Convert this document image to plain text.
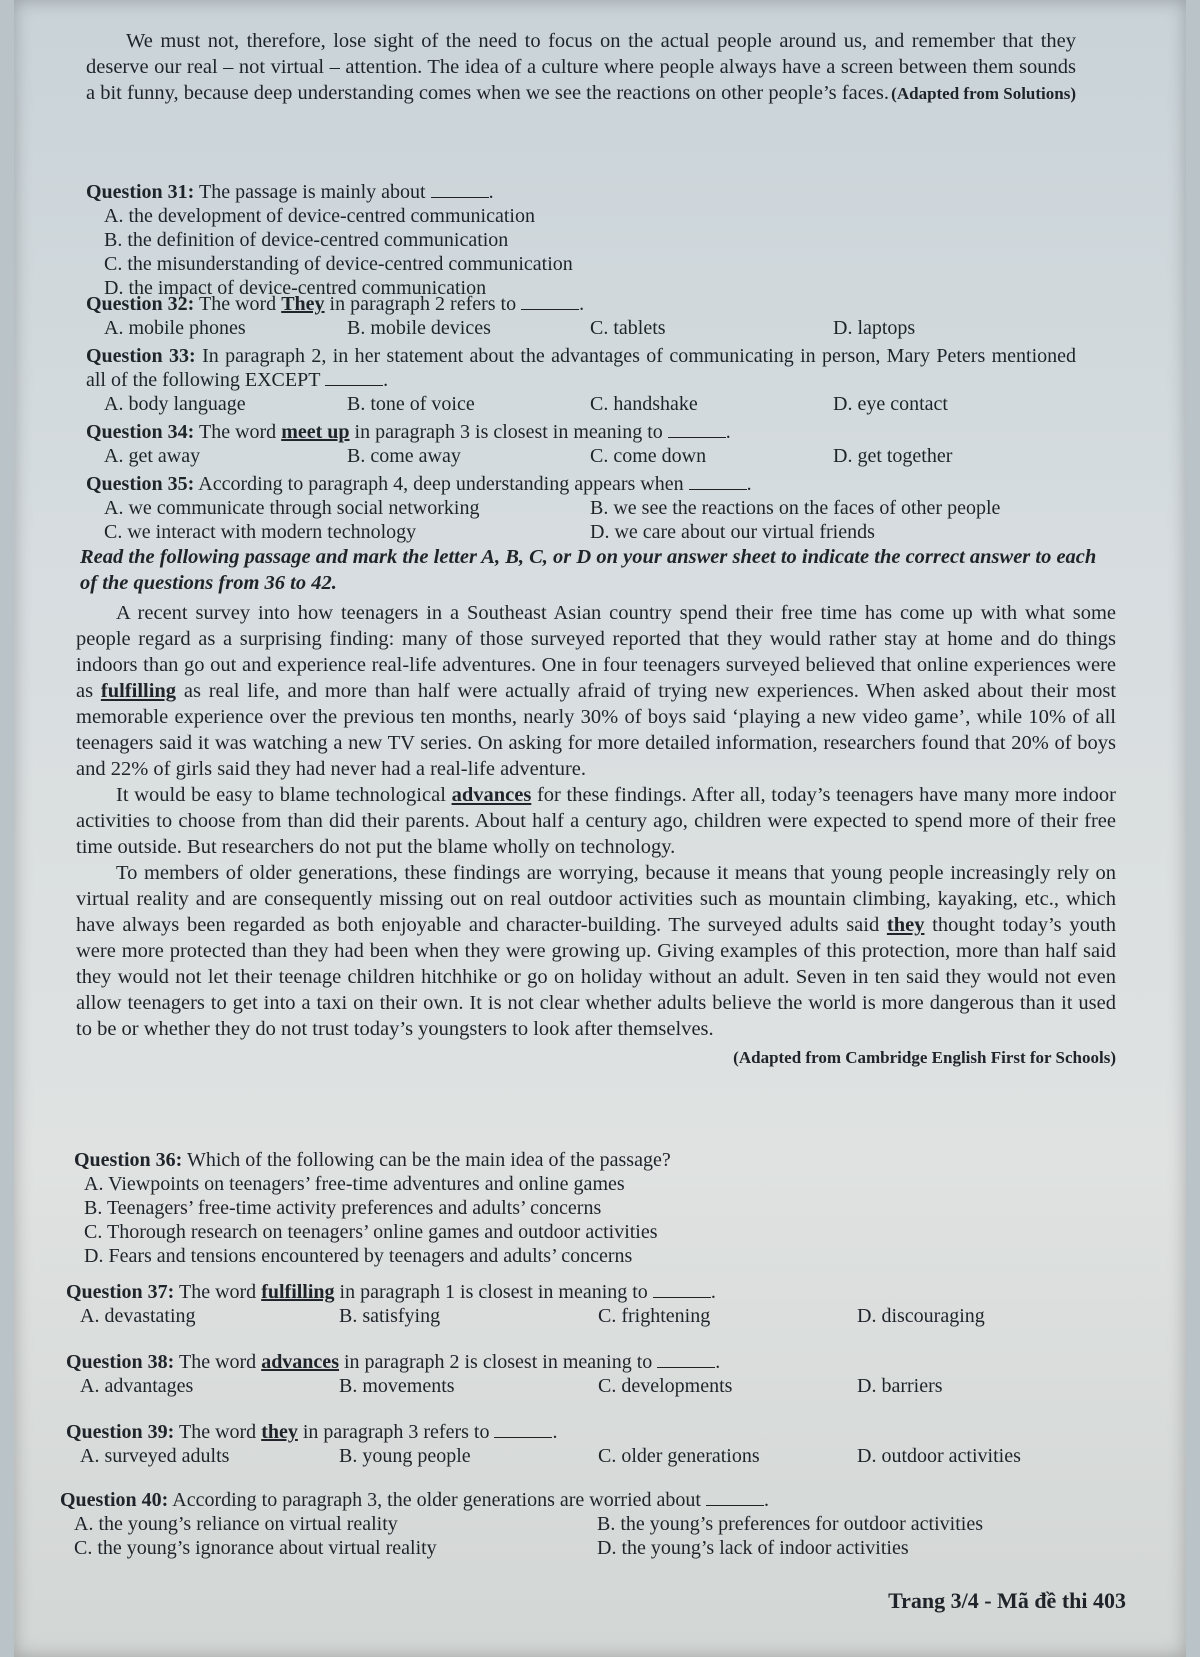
We must not, therefore, lose sight of the need to focus on the actual people around us, and remember that they deserve our real – not virtual – attention. The idea of a culture where people always have a screen between them sounds a bit funny, because deep understanding comes when we see the reactions on other people’s faces. (Adapted from Solutions)

Question 31: The passage is mainly about	.
A. the development of device-centred communication
B. the definition of device-centred communication
C. the misunderstanding of device-centred communication
D. the impact of device-centred communication
Question 32: The word They in paragraph 2 refers to	.
A. mobile phones	B. mobile devices	C. tablets	D. laptops
Question 33: In paragraph 2, in her statement about the advantages of communicating in person, Mary Peters mentioned all of the following EXCEPT	.
A. body language	B. tone of voice	C. handshake	D. eye contact
Question 34: The word meet up in paragraph 3 is closest in meaning to	.
A. get away	B. come away	C. come down	D. get together
Question 35: According to paragraph 4, deep understanding appears when	.
A. we communicate through social networking	B. we see the reactions on the faces of other people
C. we interact with modern technology	D. we care about our virtual friends

Read the following passage and mark the letter A, B, C, or D on your answer sheet to indicate the correct answer to each of the questions from 36 to 42.

A recent survey into how teenagers in a Southeast Asian country spend their free time has come up with what some people regard as a surprising finding: many of those surveyed reported that they would rather stay at home and do things indoors than go out and experience real-life adventures. One in four teenagers surveyed believed that online experiences were as fulfilling as real life, and more than half were actually afraid of trying new experiences. When asked about their most memorable experience over the previous ten months, nearly 30% of boys said ‘playing a new video game’, while 10% of all teenagers said it was watching a new TV series. On asking for more detailed information, researchers found that 20% of boys and 22% of girls said they had never had a real-life adventure.

It would be easy to blame technological advances for these findings. After all, today’s teenagers have many more indoor activities to choose from than did their parents. About half a century ago, children were expected to spend more of their free time outside. But researchers do not put the blame wholly on technology.

To members of older generations, these findings are worrying, because it means that young people increasingly rely on virtual reality and are consequently missing out on real outdoor activities such as mountain climbing, kayaking, etc., which have always been regarded as both enjoyable and character-building. The surveyed adults said they thought today’s youth were more protected than they had been when they were growing up. Giving examples of this protection, more than half said they would not let their teenage children hitchhike or go on holiday without an adult. Seven in ten said they would not even allow teenagers to get into a taxi on their own. It is not clear whether adults believe the world is more dangerous than it used to be or whether they do not trust today’s youngsters to look after themselves.

(Adapted from Cambridge English First for Schools)

Question 36: Which of the following can be the main idea of the passage?
A. Viewpoints on teenagers’ free-time adventures and online games
B. Teenagers’ free-time activity preferences and adults’ concerns
C. Thorough research on teenagers’ online games and outdoor activities
D. Fears and tensions encountered by teenagers and adults’ concerns
Question 37: The word fulfilling in paragraph 1 is closest in meaning to	.
A. devastating	B. satisfying	C. frightening	D. discouraging
Question 38: The word advances in paragraph 2 is closest in meaning to	.
A. advantages	B. movements	C. developments	D. barriers
Question 39: The word they in paragraph 3 refers to	.
A. surveyed adults	B. young people	C. older generations	D. outdoor activities
Question 40: According to paragraph 3, the older generations are worried about	.
A. the young’s reliance on virtual reality	B. the young’s preferences for outdoor activities
C. the young’s ignorance about virtual reality	D. the young’s lack of indoor activities
Trang 3/4 - Mã đề thi 403
